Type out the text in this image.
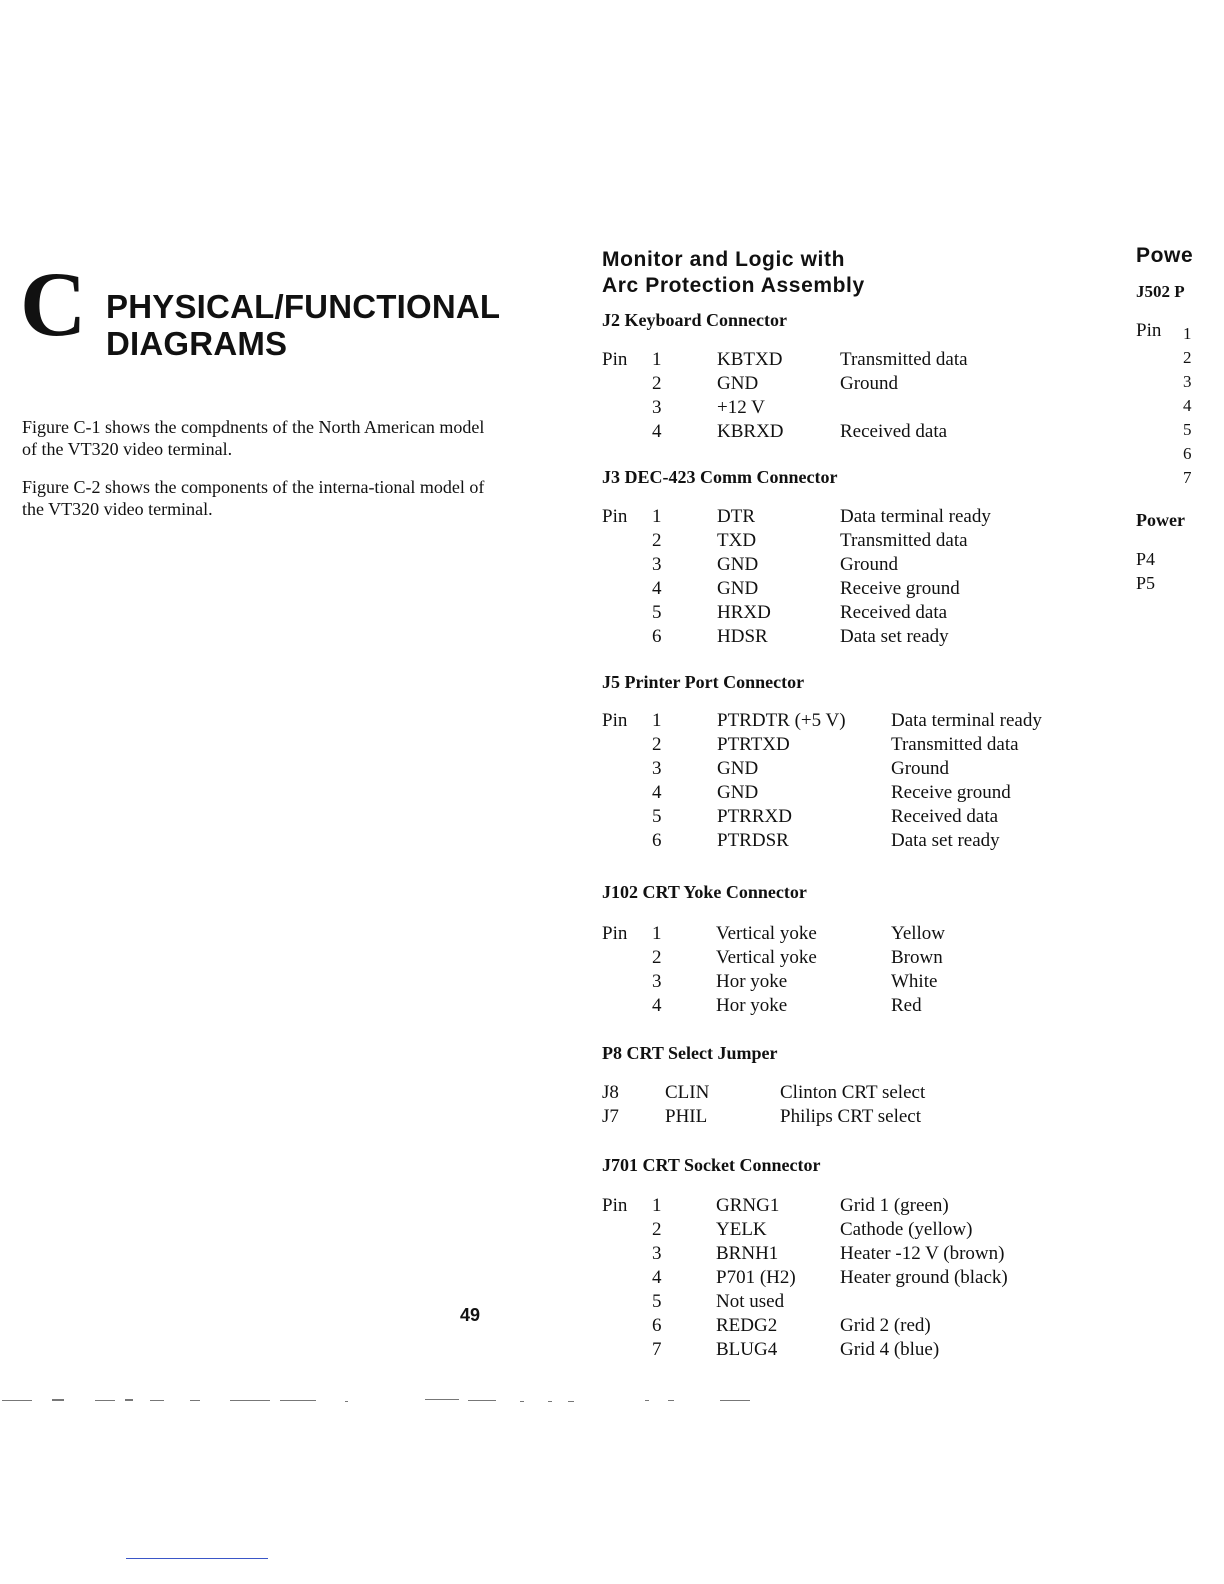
C PHYSICAL/FUNCTIONAL
DIAGRAMS
Figure C-1 shows the compdnents of the North American model of the VT320 video terminal.
Figure C-2 shows the components of the interna-tional model of the VT320 video terminal.
49
Monitor and Logic with
Arc Protection Assembly
J2 Keyboard Connector
Pin	1	KBTXD	Transmitted data
	2	GND	Ground
	3	+12 V	
	4	KBRXD	Received data
J3 DEC-423 Comm Connector
Pin	1	DTR	Data terminal ready
	2	TXD	Transmitted data
	3	GND	Ground
	4	GND	Receive ground
	5	HRXD	Received data
	6	HDSR	Data set ready
J5 Printer Port Connector
Pin	1	PTRDTR (+5 V)	Data terminal ready
	2	PTRTXD	Transmitted data
	3	GND	Ground
	4	GND	Receive ground
	5	PTRRXD	Received data
	6	PTRDSR	Data set ready
J102 CRT Yoke Connector
Pin	1	Vertical yoke	Yellow
	2	Vertical yoke	Brown
	3	Hor yoke	White
	4	Hor yoke	Red
P8 CRT Select Jumper
J8	CLIN	Clinton CRT select
J7	PHIL	Philips CRT select
J701 CRT Socket Connector
Pin	1	GRNG1	Grid 1 (green)
	2	YELK	Cathode (yellow)
	3	BRNH1	Heater -12 V (brown)
	4	P701 (H2)	Heater ground (black)
	5	Not used	
	6	REDG2	Grid 2 (red)
	7	BLUG4	Grid 4 (blue)
Powe
J502 P
Pin 1
2
3
4
5
6
7
Power
P4
P5
